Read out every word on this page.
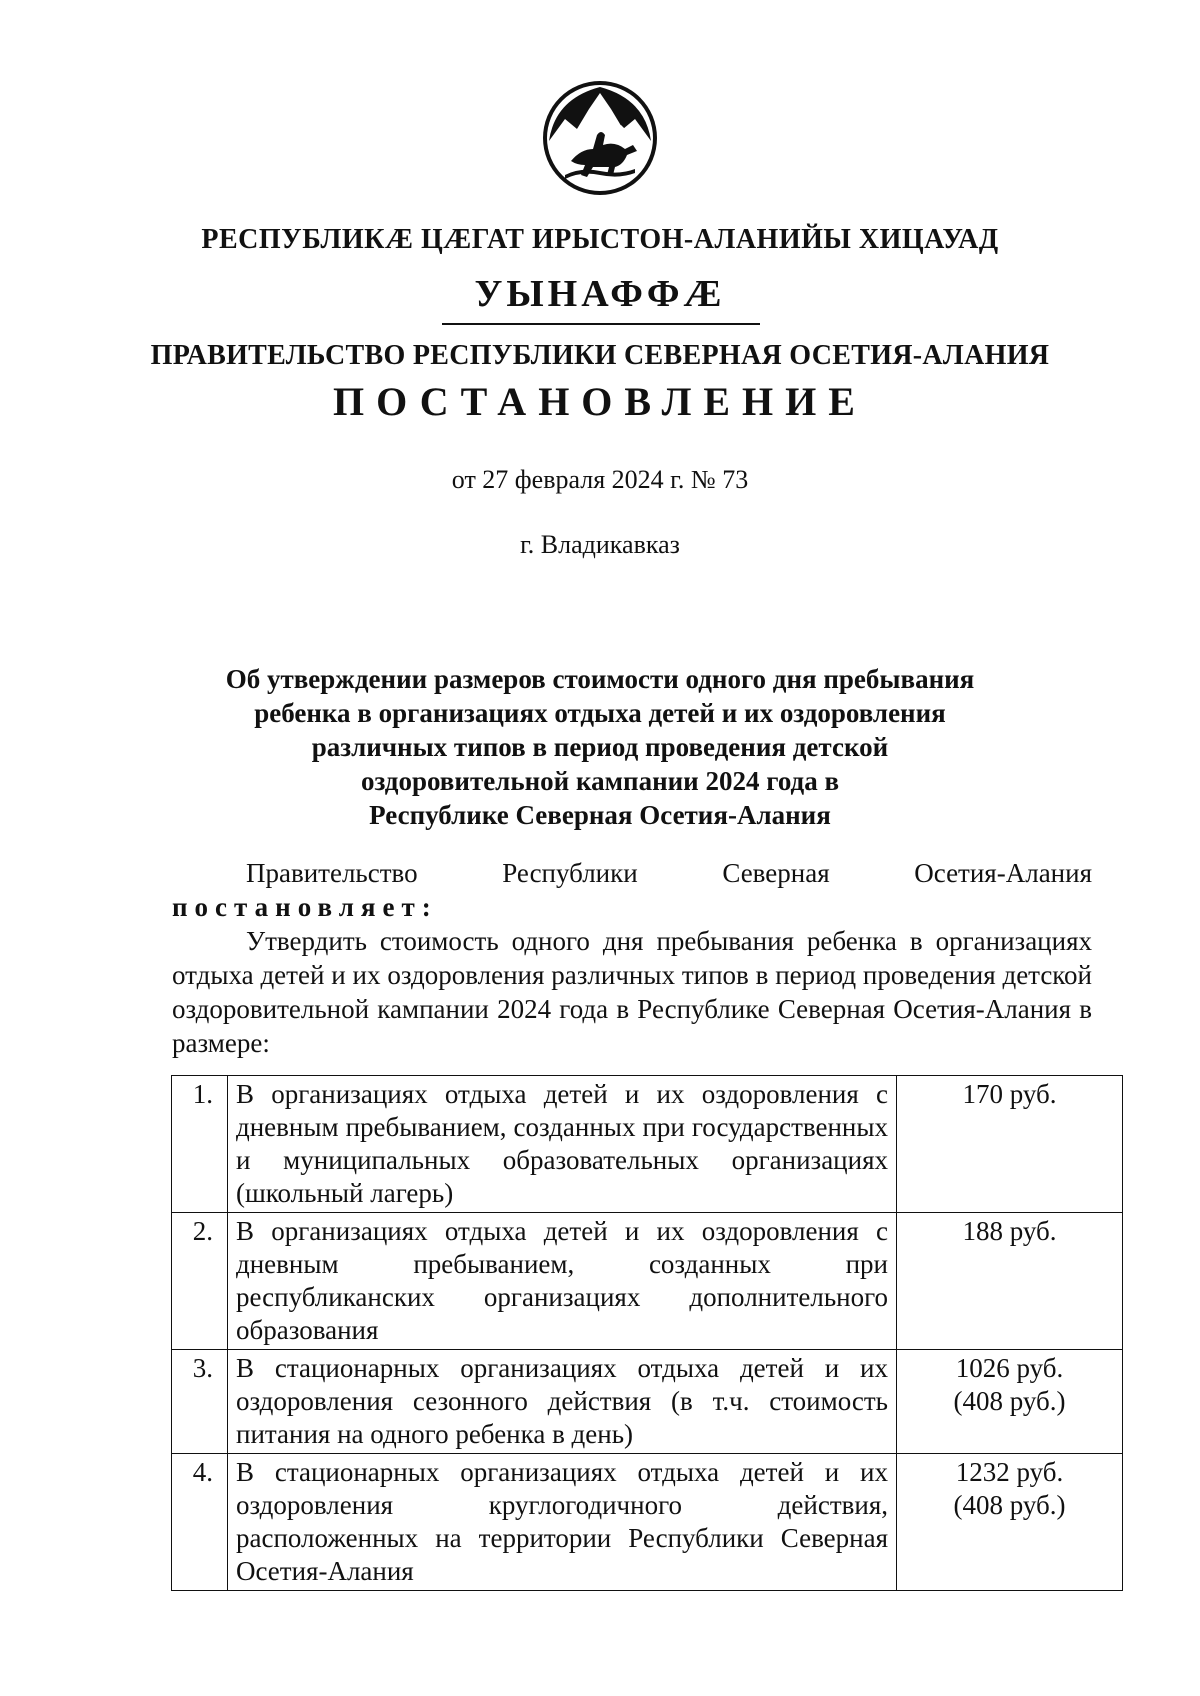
РЕСПУБЛИКÆ ЦÆГАТ ИРЫСТОН-АЛАНИЙЫ ХИЦАУАД
УЫНАФФÆ
ПРАВИТЕЛЬСТВО РЕСПУБЛИКИ СЕВЕРНАЯ ОСЕТИЯ-АЛАНИЯ
ПОСТАНОВЛЕНИЕ
от 27 февраля 2024 г. № 73
г. Владикавказ
Об утверждении размеров стоимости одного дня пребывания
ребенка в организациях отдыха детей и их оздоровления
различных типов в период проведения детской
оздоровительной кампании 2024 года в
Республике Северная Осетия-Алания

Правительство Республики Северная Осетия-Алания постановляет:

Утвердить стоимость одного дня пребывания ребенка в организациях отдыха детей и их оздоровления различных типов в период проведения детской оздоровительной кампании 2024 года в Республике Северная Осетия-Алания в размере:

1.	В организациях отдыха детей и их оздоровления с дневным пребыванием, созданных при государственных и муниципальных образовательных организациях (школьный лагерь)	170 руб.

2.	В организациях отдыха детей и их оздоровления с дневным пребыванием, созданных при республиканских организациях дополнительного образования	188 руб.

3.	В стационарных организациях отдыха детей и их оздоровления сезонного действия (в т.ч. стоимость питания на одного ребенка в день)	1026 руб.
(408 руб.)

4.	В стационарных организациях отдыха детей и их оздоровления круглогодичного действия, расположенных на территории Республики Северная Осетия-Алания	1232 руб.
(408 руб.)
